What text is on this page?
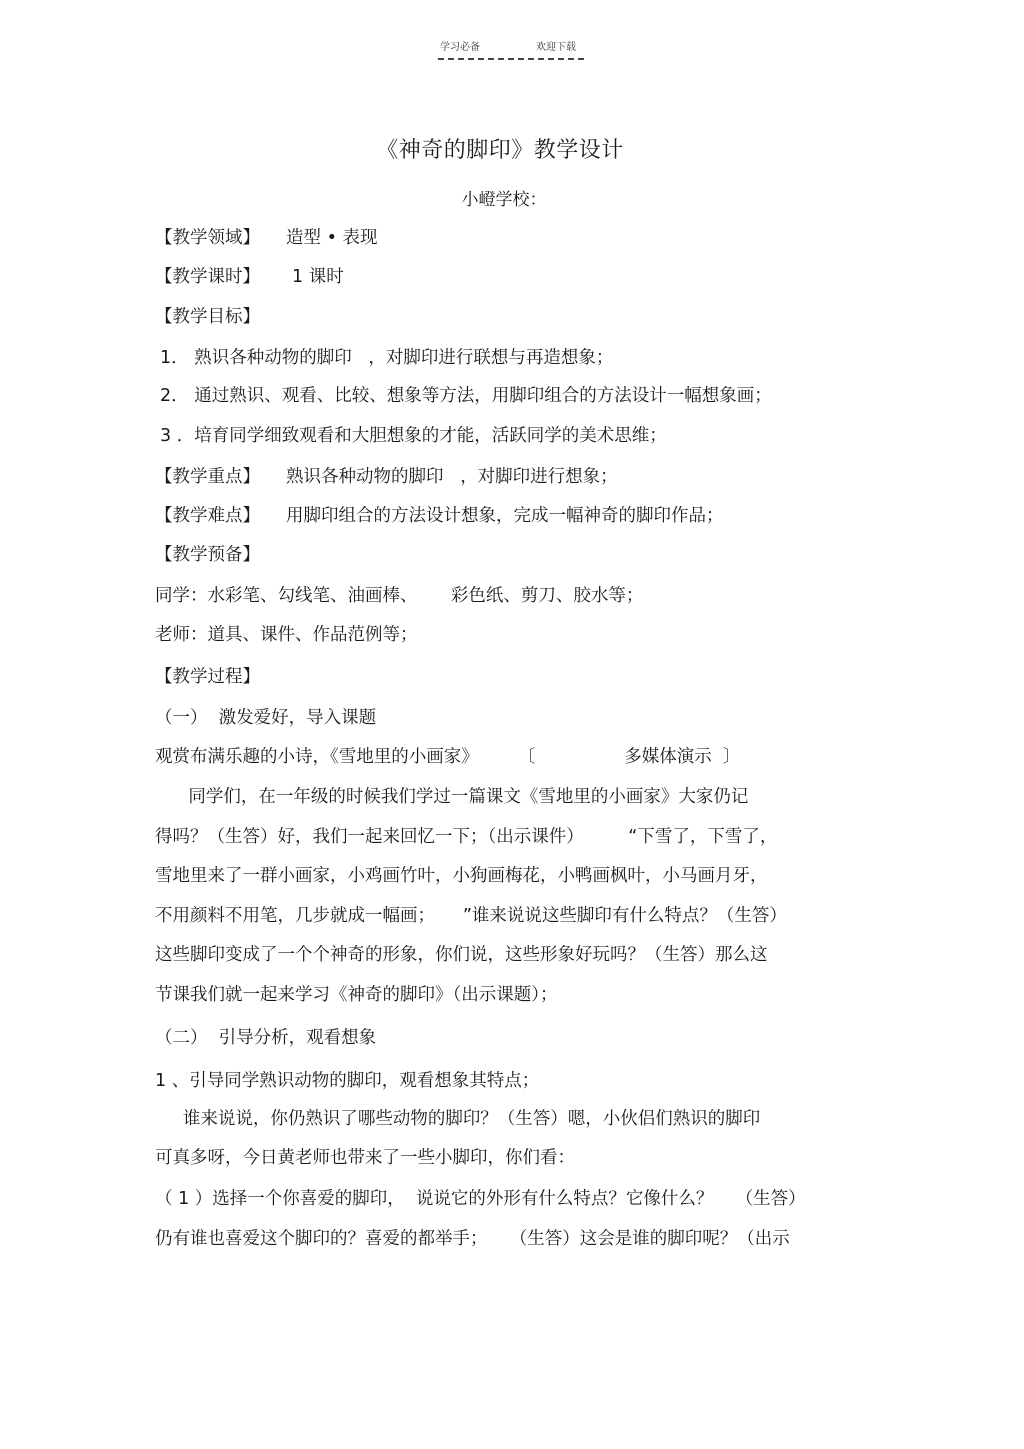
学习必备	欢迎下载
《神奇的脚印》教学设计
小嶝学校：
【教学领域】 造型 • 表现
【教学课时】 1 课时
【教学目标】
1． 熟识各种动物的脚印   ，对脚印进行联想与再造想象；
2． 通过熟识、观看、比较、想象等方法，用脚印组合的方法设计一幅想象画；
3 ．培育同学细致观看和大胆想象的才能，活跃同学的美术思维；
【教学重点】 熟识各种动物的脚印   ，对脚印进行想象；
【教学难点】 用脚印组合的方法设计想象，完成一幅神奇的脚印作品；
【教学预备】
同学：水彩笔、勾线笔、油画棒、      彩色纸、剪刀、胶水等；
老师：道具、课件、作品范例等；
【教学过程】
（一）  激发爱好，导入课题
观赏布满乐趣的小诗，《雪地里的小画家》       〔                多媒体演示  〕
同学们，在一年级的时候我们学过一篇课文《雪地里的小画家》大家仍记
得吗？（生答）好，我们一起来回忆一下；（出示课件）        “下雪了，下雪了，
雪地里来了一群小画家，小鸡画竹叶，小狗画梅花，小鸭画枫叶，小马画月牙，
不用颜料不用笔，几步就成一幅画；     ”谁来说说这些脚印有什么特点？（生答）
这些脚印变成了一个个神奇的形象，你们说，这些形象好玩吗？（生答）那么这
节课我们就一起来学习《神奇的脚印》（出示课题）；
（二）  引导分析，观看想象
1 、引导同学熟识动物的脚印，观看想象其特点；
谁来说说，你仍熟识了哪些动物的脚印？（生答）嗯，小伙侣们熟识的脚印
可真多呀，今日黄老师也带来了一些小脚印，你们看：
（ 1 ）选择一个你喜爱的脚印，  说说它的外形有什么特点？它像什么？    （生答）
仍有谁也喜爱这个脚印的？喜爱的都举手；    （生答）这会是谁的脚印呢？（出示
